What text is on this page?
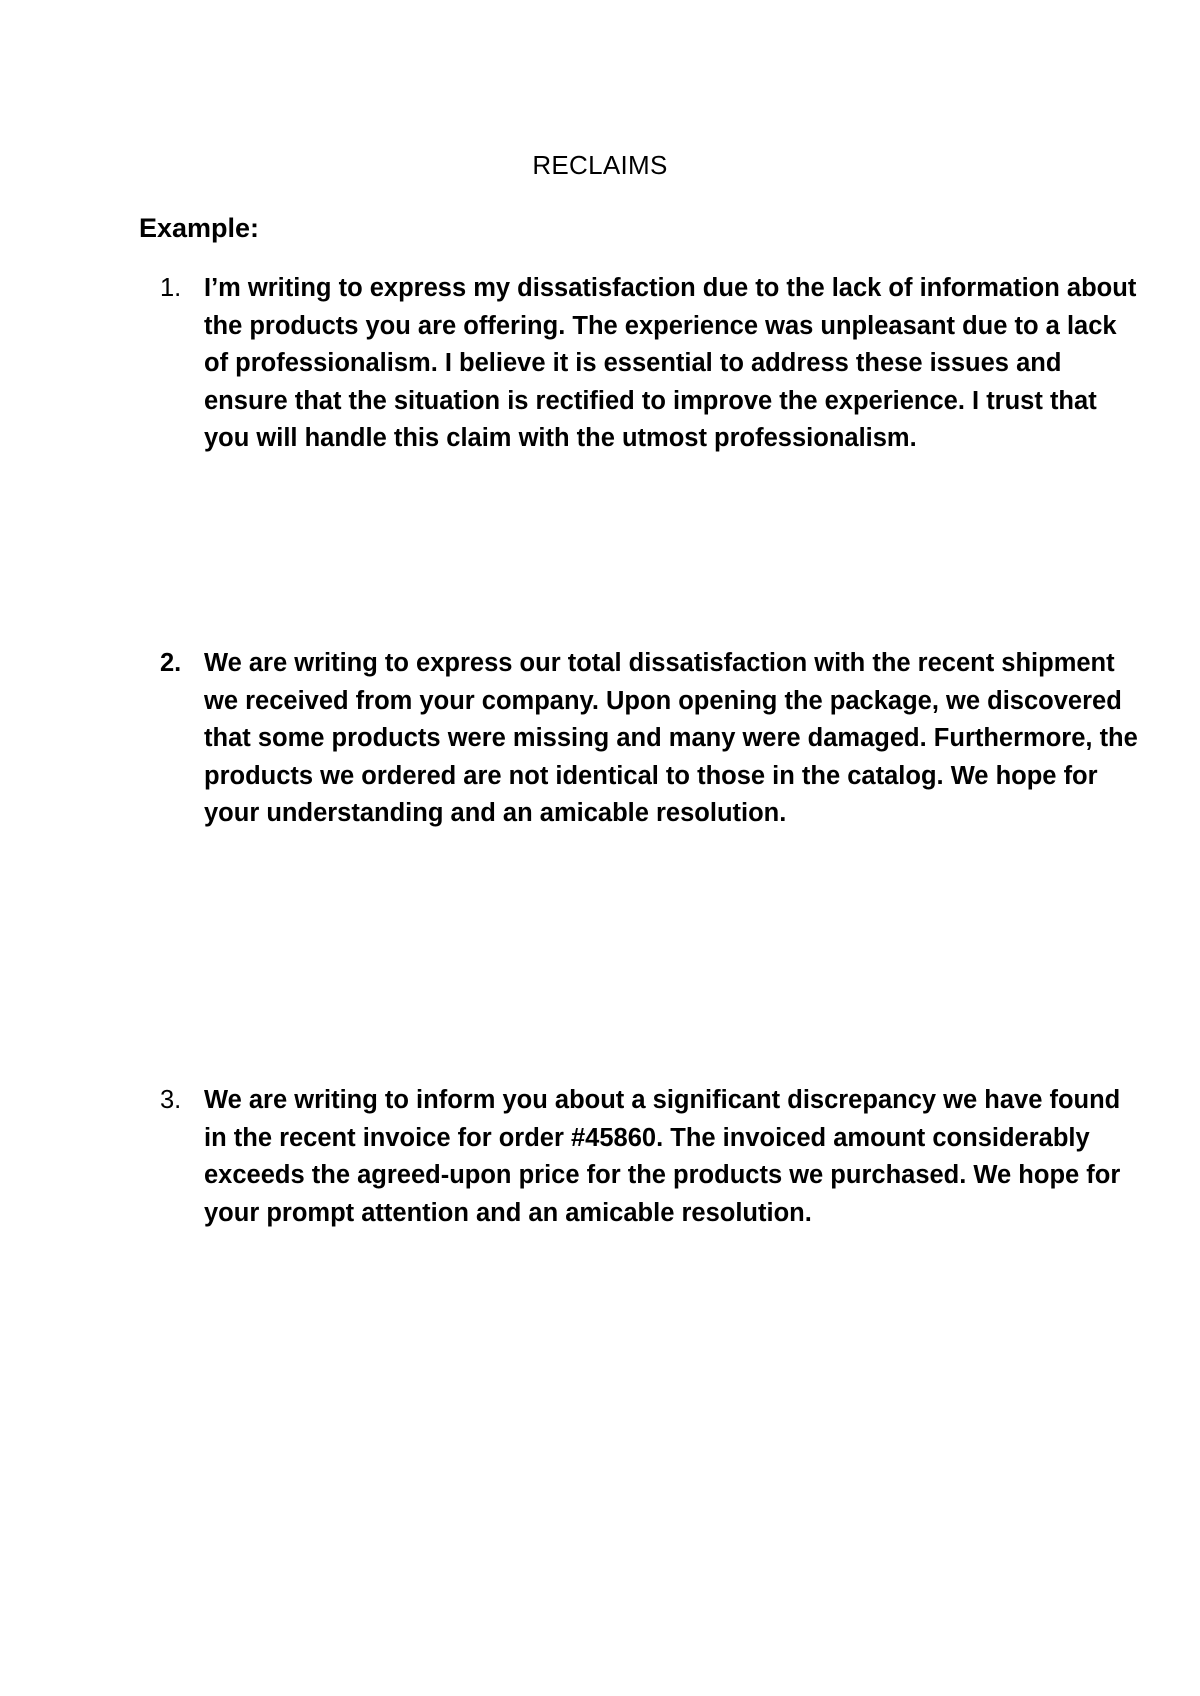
RECLAIMS
Example:
1. I’m writing to express my dissatisfaction due to the lack of information about the products you are offering. The experience was unpleasant due to a lack of professionalism. I believe it is essential to address these issues and ensure that the situation is rectified to improve the experience. I trust that you will handle this claim with the utmost professionalism.
2. We are writing to express our total dissatisfaction with the recent shipment we received from your company. Upon opening the package, we discovered that some products were missing and many were damaged. Furthermore, the products we ordered are not identical to those in the catalog. We hope for your understanding and an amicable resolution.
3. We are writing to inform you about a significant discrepancy we have found in the recent invoice for order #45860. The invoiced amount considerably exceeds the agreed-upon price for the products we purchased. We hope for your prompt attention and an amicable resolution.
